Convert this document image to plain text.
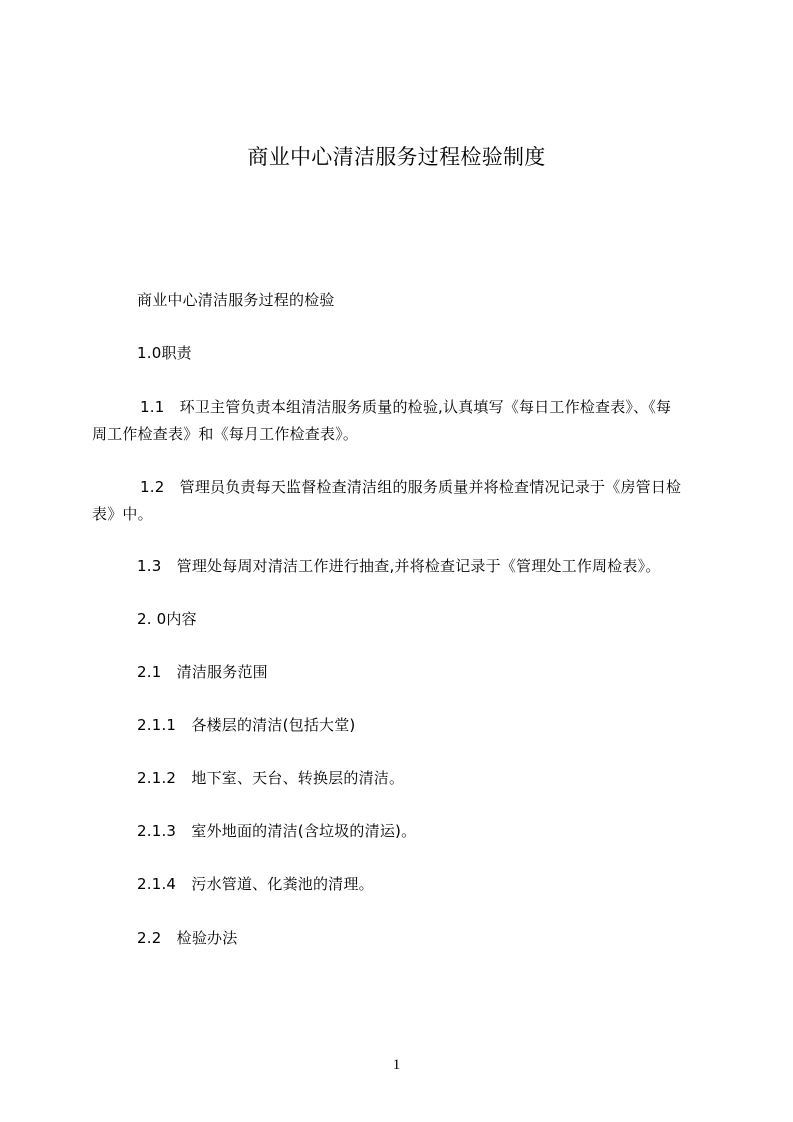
商业中心清洁服务过程检验制度
商业中心清洁服务过程的检验
1.0职责
1.1　环卫主管负责本组清洁服务质量的检验,认真填写《每日工作检查表》、《每
周工作检查表》和《每月工作检查表》。
1.2　管理员负责每天监督检查清洁组的服务质量并将检查情况记录于《房管日检
表》中。
1.3　管理处每周对清洁工作进行抽查,并将检查记录于《管理处工作周检表》。
2. 0内容
2.1　清洁服务范围
2.1.1　各楼层的清洁(包括大堂)
2.1.2　地下室、天台、转换层的清洁。
2.1.3　室外地面的清洁(含垃圾的清运)。
2.1.4　污水管道、化粪池的清理。
2.2　检验办法
1
